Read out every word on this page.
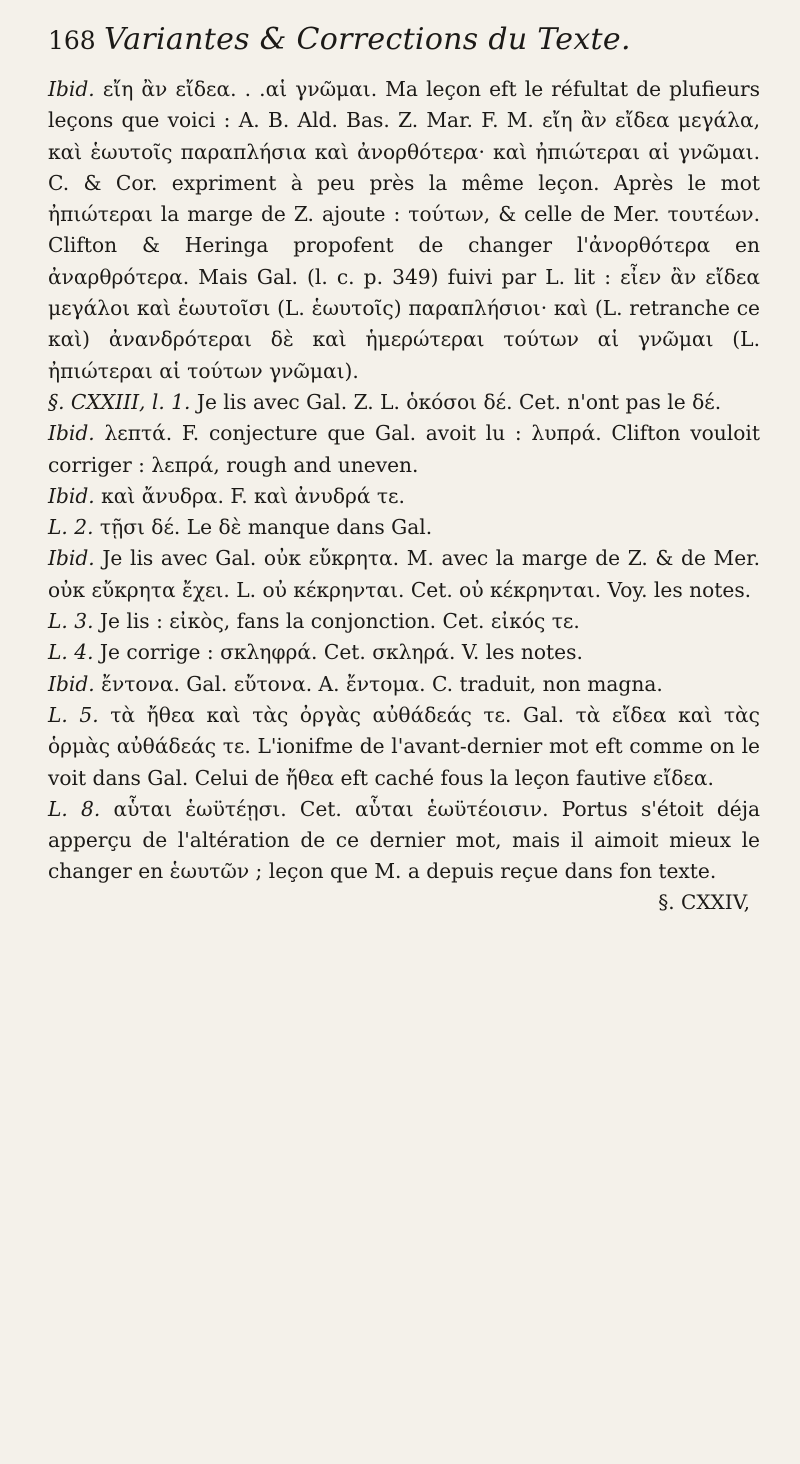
168 Variantes & Corrections du Texte.

Ibid. εἴη ἂν εἴδεα. . .αἱ γνῶμαι. Ma leçon eft le réfultat de plufieurs leçons que voici : A. B. Ald. Bas. Z. Mar. F. M. εἴη ἂν εἴδεα μεγάλα, καὶ ἑωυτοῖς παραπλήσια καὶ ἀνορθότερα· καὶ ἠπιώτεραι αἱ γνῶμαι. C. & Cor. expriment à peu près la même leçon. Après le mot ἠπιώτεραι la marge de Z. ajoute : τούτων, & celle de Mer. τουτέων. Clifton & Heringa propofent de changer l'ἀνορθότερα en ἀναρθρότερα. Mais Gal. (l. c. p. 349) fuivi par L. lit : εἶεν ἂν εἴδεα μεγάλοι καὶ ἑωυτοῖσι (L. ἑωυτοῖς) παραπλήσιοι· καὶ (L. retranche ce καὶ) ἀνανδρότεραι δὲ καὶ ἡμερώτεραι τούτων αἱ γνῶμαι (L. ἠπιώτεραι αἱ τούτων γνῶμαι).

§. CXXIII, l. 1. Je lis avec Gal. Z. L. ὁκόσοι δέ. Cet. n'ont pas le δέ.

Ibid. λεπτά. F. conjecture que Gal. avoit lu : λυπρά. Clifton vouloit corriger : λεπρά, rough and uneven.

Ibid. καὶ ἄνυδρα. F. καὶ ἀνυδρά τε.

L. 2. τῇσι δέ. Le δὲ manque dans Gal.

Ibid. Je lis avec Gal. οὐκ εὔκρητα. M. avec la marge de Z. & de Mer. οὐκ εὔκρητα ἔχει. L. οὐ κέκρηνται. Cet. οὐ κέκρηνται. Voy. les notes.

L. 3. Je lis : εἰκὸς, fans la conjonction. Cet. εἰκός τε.

L. 4. Je corrige : σκληφρά. Cet. σκληρά. V. les notes.

Ibid. ἔντονα. Gal. εὔτονα. A. ἔντομα. C. traduit, non magna.

L. 5. τὰ ἤθεα καὶ τὰς ὀργὰς αὐθάδεάς τε. Gal. τὰ εἴδεα καὶ τὰς ὁρμὰς αὐθάδεάς τε. L'ionifme de l'avant-dernier mot eft comme on le voit dans Gal. Celui de ἤθεα eft caché fous la leçon fautive εἴδεα.

L. 8. αὗται ἑωϋτέῃσι. Cet. αὗται ἑωϋτέοισιν. Portus s'étoit déja apperçu de l'altération de ce dernier mot, mais il aimoit mieux le changer en ἑωυτῶν ; leçon que M. a depuis reçue dans fon texte.

§. CXXIV,
